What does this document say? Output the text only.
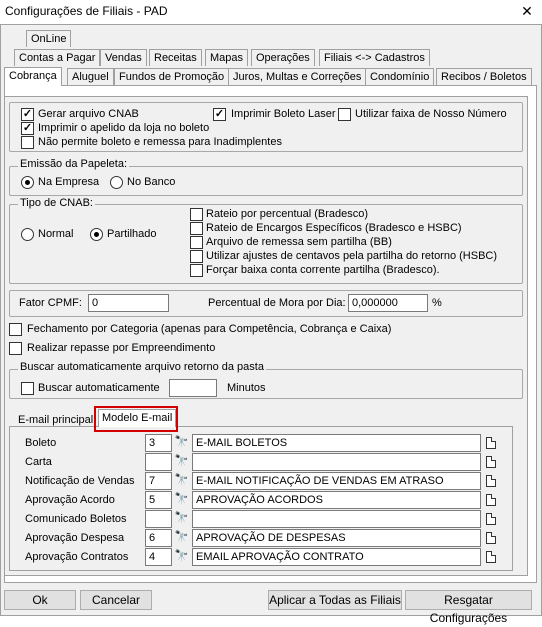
Configurações de Filiais - PAD	✕
OnLine
Contas a Pagar Vendas	Receitas	Mapas	Operações	Filiais <-> Cadastros
Cobrança	Aluguel Fundos de Promoção Juros, Multas e Correções Condomínio	Recibos / Boletos
✓ Gerar arquivo CNAB	✓ Imprimir Boleto Laser Utilizar faixa de Nosso Número
✓ Imprimir o apelido da loja no boleto
Não permite boleto e remessa para Inadimplentes
Emissão da Papeleta:
Na Empresa	No Banco
Tipo de CNAB:
Normal	Partilhado
Rateio por percentual (Bradesco)
Rateio de Encargos Específicos (Bradesco e HSBC)
Arquivo de remessa sem partilha (BB)
Utilizar ajustes de centavos pela partilha do retorno (HSBC)
Forçar baixa conta corrente partilha (Bradesco).
Fator CPMF: 0	Percentual de Mora por Dia: 0,000000	%
Fechamento por Categoria (apenas para Competência, Cobrança e Caixa)
Realizar repasse por Empreendimento
Buscar automaticamente arquivo retorno da pasta
Buscar automaticamente	Minutos
E-mail principal Modelo E-mail
Boleto	3	🔭 E-MAIL BOLETOS
Carta	🔭
Notificação de Vendas	7	🔭 E-MAIL NOTIFICAÇÃO DE VENDAS EM ATRASO
Aprovação Acordo	5	🔭 APROVAÇÃO ACORDOS
Comunicado Boletos	🔭
Aprovação Despesa	6	🔭 APROVAÇÃO DE DESPESAS
Aprovação Contratos	4	🔭 EMAIL APROVAÇÃO CONTRATO
Ok	Cancelar	Aplicar a Todas as Filiais	Resgatar Configurações
